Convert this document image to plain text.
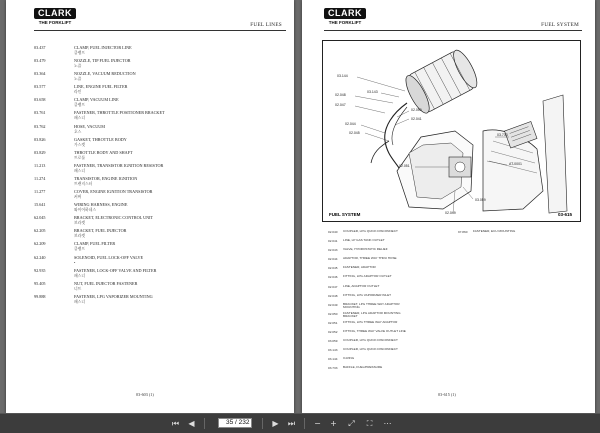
CLARK
THE FORKLIFT	FUEL LINES
03.437	CLAMP, FUEL INJECTOR LINE
클램프
03.479	NOZZLE, TIP FUEL INJECTOR
노즐
03.364	NOZZLE, VACUUM REDUCTION
노즐
03.577	LINE, ENGINE FUEL FILTER
라인
03.658	CLAMP, VACUUM LINE
클램프
03.761	FASTENER, THROTTLE POSITIONER BRACKET
패스너
03.762	HOSE, VACUUM
호스
03.826	GASKET, THROTTLE BODY
가스켓
03.829	THROTTLE BODY AND SHAFT
트로틀
11.213	FASTENER, TRANSISTOR IGNITION RESISTOR
패스너
11.274	TRANSISTOR, ENGINE IGNITION
트랜지스터
11.277	COVER, ENGINE IGNITION TRANSISTOR
커버
15.641	WIRING HARNESS, ENGINE
와이어하네스
62.045	BRACKET, ELECTRONIC CONTROL UNIT
브라켓
62.205	BRACKET, FUEL INJECTOR
브라켓
62.209	CLAMP, FUEL FILTER
클램프
62.240	SOLENOID, FUEL LOCK-OFF VALVE
•
92.935	FASTENER, LOCK-OFF VALVE AND FILTER
패스너
95.405	NUT, FUEL INJECTOR FASTENER
너트
99.888	FASTENER, LPG VAPORIZER MOUNTING
패스너
03-603 (1)
CLARK
THE FORKLIFT	FUEL SYSTEM
03.144
02.048
03.143
02.047
02.050
02.041
03.733
02.044
02.045
AT-0001
02.051
03.059
02.049
FUEL SYSTEM	03-615
02.040 COUPLER, LPG QUICK DISCONNECT
02.041 LINE, LP GAS TANK OUTLET
02.043 VALVE, HYDROSTATIC RELIEF
02.044 ADAPTOR, THREE WAY THRU HOSE
02.045 FASTENER, ADAPTOR
02.046 FITTING, LPG ADAPTOR OUTLET
02.047 LINE, ADAPTOR OUTLET
02.048 FITTING, LPG VAPORIZER INLET
02.049 BRACKET, LPG THREE WAY ADAPTOR MOUNTING
02.050 FASTENER, LPG ADAPTOR MOUNTING BRACKET
02.051 FITTING, LPG THREE WAY ADAPTOR
02.052 FITTING, THREE WAY VALVE OUTLET LINE
03.059 COUPLER, LPG QUICK DISCONNECT
03.143 COUPLER, LPG QUICK DISCONNECT
03.144 O-RING
03.733 BAFFLE, FUEL/PRESSURE
97.860 FASTENER, ECU MOUNTING
03-615 (1)
⏮	◀	35 / 232	▶	⏭ − + ⤢	⛶	⋯
